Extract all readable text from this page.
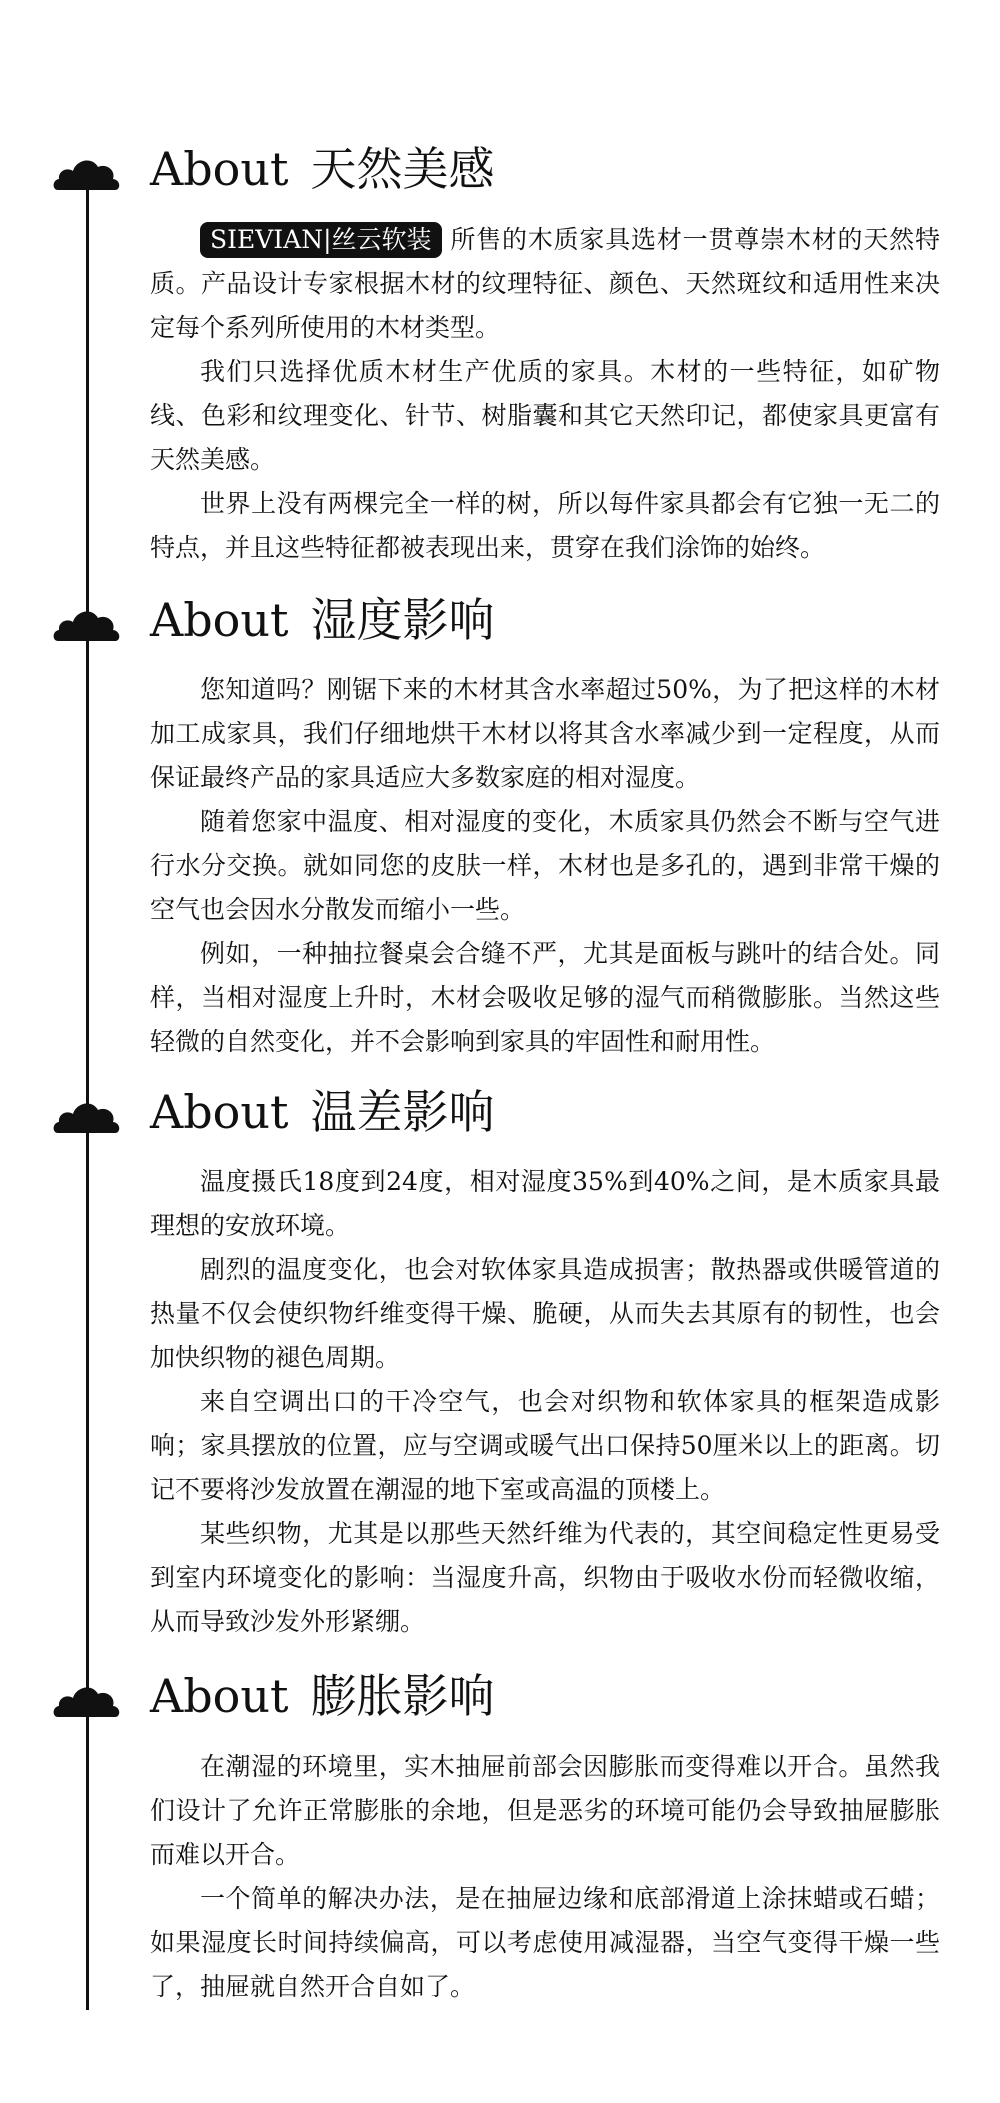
About 天然美感

SIEVIAN|丝云软装 所售的木质家具选材一贯尊崇木材的天然特质。产品设计专家根据木材的纹理特征、颜色、天然斑纹和适用性来决定每个系列所使用的木材类型。

我们只选择优质木材生产优质的家具。木材的一些特征，如矿物线、色彩和纹理变化、针节、树脂囊和其它天然印记，都使家具更富有天然美感。

世界上没有两棵完全一样的树，所以每件家具都会有它独一无二的特点，并且这些特征都被表现出来，贯穿在我们涂饰的始终。

About 湿度影响

您知道吗？刚锯下来的木材其含水率超过50%，为了把这样的木材加工成家具，我们仔细地烘干木材以将其含水率减少到一定程度，从而保证最终产品的家具适应大多数家庭的相对湿度。

随着您家中温度、相对湿度的变化，木质家具仍然会不断与空气进行水分交换。就如同您的皮肤一样，木材也是多孔的，遇到非常干燥的空气也会因水分散发而缩小一些。

例如，一种抽拉餐桌会合缝不严，尤其是面板与跳叶的结合处。同样，当相对湿度上升时，木材会吸收足够的湿气而稍微膨胀。当然这些轻微的自然变化，并不会影响到家具的牢固性和耐用性。

About 温差影响

温度摄氏18度到24度，相对湿度35%到40%之间，是木质家具最理想的安放环境。

剧烈的温度变化，也会对软体家具造成损害；散热器或供暖管道的热量不仅会使织物纤维变得干燥、脆硬，从而失去其原有的韧性，也会加快织物的褪色周期。

来自空调出口的干冷空气，也会对织物和软体家具的框架造成影响；家具摆放的位置，应与空调或暖气出口保持50厘米以上的距离。切记不要将沙发放置在潮湿的地下室或高温的顶楼上。

某些织物，尤其是以那些天然纤维为代表的，其空间稳定性更易受到室内环境变化的影响：当湿度升高，织物由于吸收水份而轻微收缩，从而导致沙发外形紧绷。

About 膨胀影响

在潮湿的环境里，实木抽屉前部会因膨胀而变得难以开合。虽然我们设计了允许正常膨胀的余地，但是恶劣的环境可能仍会导致抽屉膨胀而难以开合。

一个简单的解决办法，是在抽屉边缘和底部滑道上涂抹蜡或石蜡；如果湿度长时间持续偏高，可以考虑使用减湿器，当空气变得干燥一些了，抽屉就自然开合自如了。
